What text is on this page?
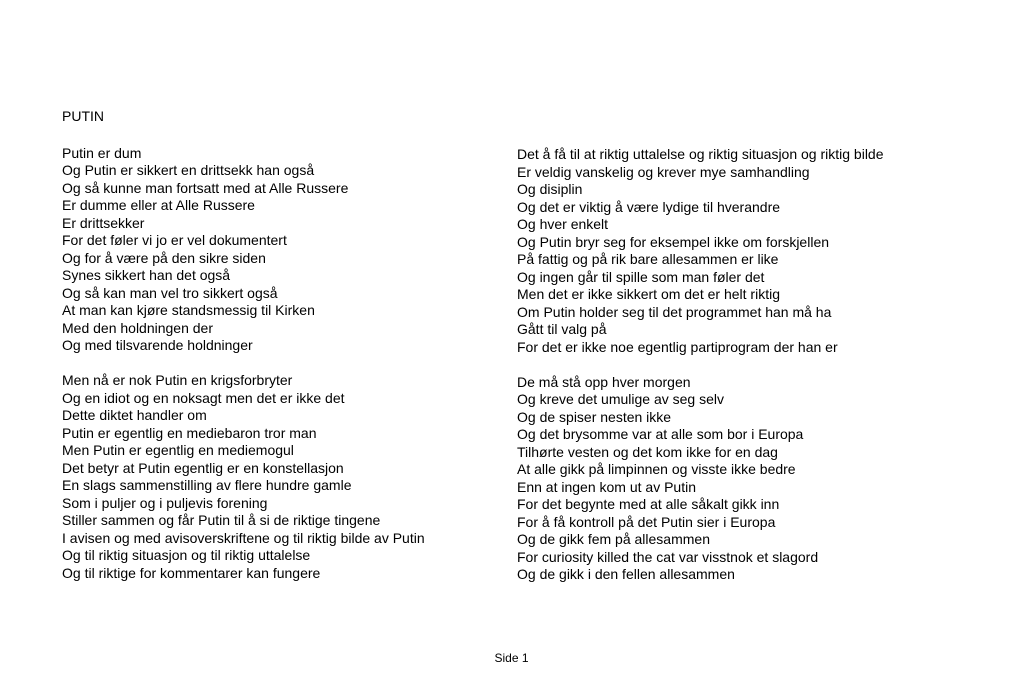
PUTIN

Putin er dum
Og Putin er sikkert en drittsekk han også
Og så kunne man fortsatt med at Alle Russere
Er dumme eller at Alle Russere
Er drittsekker
For det føler vi jo er vel dokumentert
Og for å være på den sikre siden
Synes sikkert han det også
Og så kan man vel tro sikkert også
At man kan kjøre standsmessig til Kirken
Med den holdningen der
Og med tilsvarende holdninger
Men nå er nok Putin en krigsforbryter
Og en idiot og en noksagt men det er ikke det
Dette diktet handler om
Putin er egentlig en mediebaron tror man
Men Putin er egentlig en mediemogul
Det betyr at Putin egentlig er en konstellasjon
En slags sammenstilling av flere hundre gamle
Som i puljer og i puljevis forening
Stiller sammen og får Putin til å si de riktige tingene
I avisen og med avisoverskriftene og til riktig bilde av Putin
Og til riktig situasjon og til riktig uttalelse
Og til riktige for kommentarer kan fungere
Det å få til at riktig uttalelse og riktig situasjon og riktig bilde
Er veldig vanskelig og krever mye samhandling
Og disiplin
Og det er viktig å være lydige til hverandre
Og hver enkelt
Og Putin bryr seg for eksempel ikke om forskjellen
På fattig og på rik bare allesammen er like
Og ingen går til spille som man føler det
Men det er ikke sikkert om det er helt riktig
Om Putin holder seg til det programmet han må ha
Gått til valg på
For det er ikke noe egentlig partiprogram der han er
De må stå opp hver morgen
Og kreve det umulige av seg selv
Og de spiser nesten ikke
Og det brysomme var at alle som bor i Europa
Tilhørte vesten og det kom ikke for en dag
At alle gikk på limpinnen og visste ikke bedre
Enn at ingen kom ut av Putin
For det begynte med at alle såkalt gikk inn
For å få kontroll på det Putin sier i Europa
Og de gikk fem på allesammen
For curiosity killed the cat var visstnok et slagord
Og de gikk i den fellen allesammen
Side 1
